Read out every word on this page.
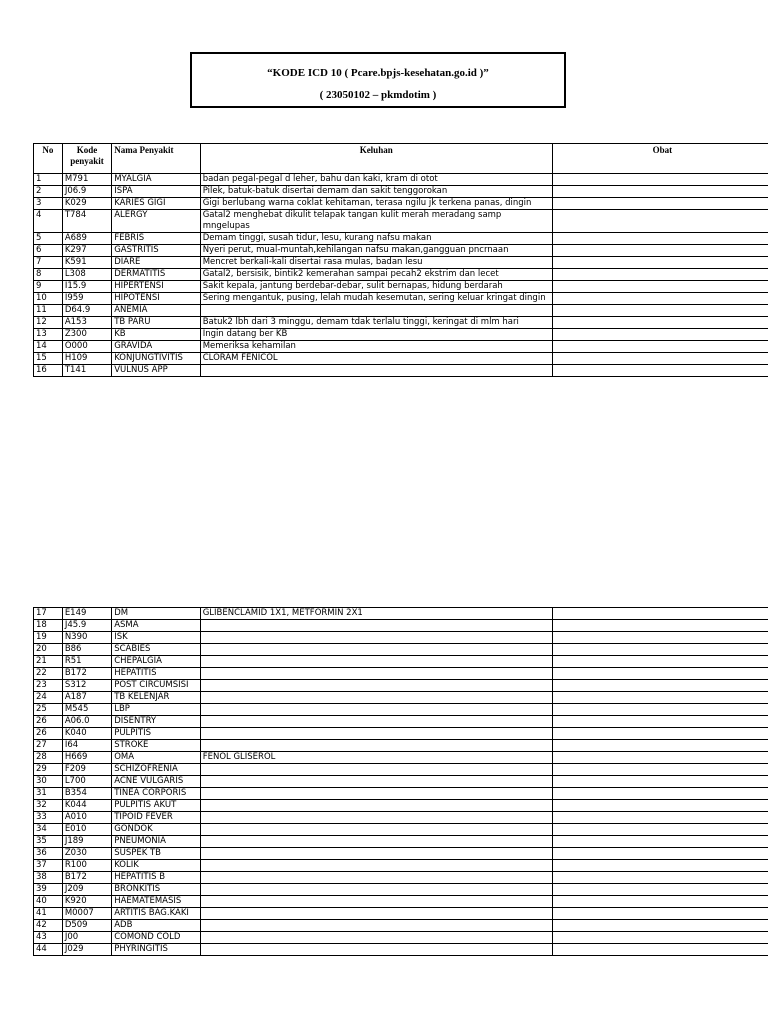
“KODE ICD 10 ( Pcare.bpjs-kesehatan.go.id )”
( 23050102 – pkmdotim )
No	Kode penyakit	Nama Penyakit	Keluhan	Obat
1	M791	MYALGIA	badan pegal-pegal d leher, bahu dan kaki, kram di otot	
2	J06.9	ISPA	Pilek, batuk-batuk disertai demam dan sakit tenggorokan	
3	K029	KARIES GIGI	Gigi berlubang warna coklat kehitaman, terasa ngilu jk terkena panas, dingin	
4	T784	ALERGY	Gatal2 menghebat dikulit telapak tangan kulit merah meradang samp mngelupas	
5	A689	FEBRIS	Demam tinggi, susah tidur, lesu, kurang nafsu makan	
6	K297	GASTRITIS	Nyeri perut, mual-muntah,kehilangan nafsu makan,gangguan pncrnaan	
7	K591	DIARE	Mencret berkali-kali disertai rasa mulas, badan lesu	
8	L308	DERMATITIS	Gatal2, bersisik, bintik2 kemerahan sampai pecah2 ekstrim dan lecet	
9	I15.9	HIPERTENSI	Sakit kepala, jantung berdebar-debar, sulit bernapas, hidung berdarah	
10	I959	HIPOTENSI	Sering mengantuk, pusing, lelah mudah kesemutan, sering keluar kringat dingin	
11	D64.9	ANEMIA		
12	A153	TB PARU	Batuk2 lbh dari 3 minggu, demam tdak terlalu tinggi, keringat di mlm hari	
13	Z300	KB	Ingin datang ber KB	
14	O000	GRAVIDA	Memeriksa kehamilan	
15	H109	KONJUNGTIVITIS	CLORAM FENICOL	
16	T141	VULNUS APP		
17	E149	DM	GLIBENCLAMID 1X1, METFORMIN 2X1	
18	J45.9	ASMA		
19	N390	ISK		
20	B86	SCABIES		
21	R51	CHEPALGIA		
22	B172	HEPATITIS		
23	S312	POST CIRCUMSISI		
24	A187	TB KELENJAR		
25	M545	LBP		
26	A06.0	DISENTRY		
26	K040	PULPITIS		
27	I64	STROKE		
28	H669	OMA	FENOL GLISEROL	
29	F209	SCHIZOFRENIA		
30	L700	ACNE VULGARIS		
31	B354	TINEA CORPORIS		
32	K044	PULPITIS AKUT		
33	A010	TIPOID FEVER		
34	E010	GONDOK		
35	J189	PNEUMONIA		
36	Z030	SUSPEK TB		
37	R100	KOLIK		
38	B172	HEPATITIS B		
39	J209	BRONKITIS		
40	K920	HAEMATEMASIS		
41	M0007	ARTITIS BAG.KAKI		
42	D509	ADB		
43	J00	COMOND COLD		
44	J029	PHYRINGITIS		
